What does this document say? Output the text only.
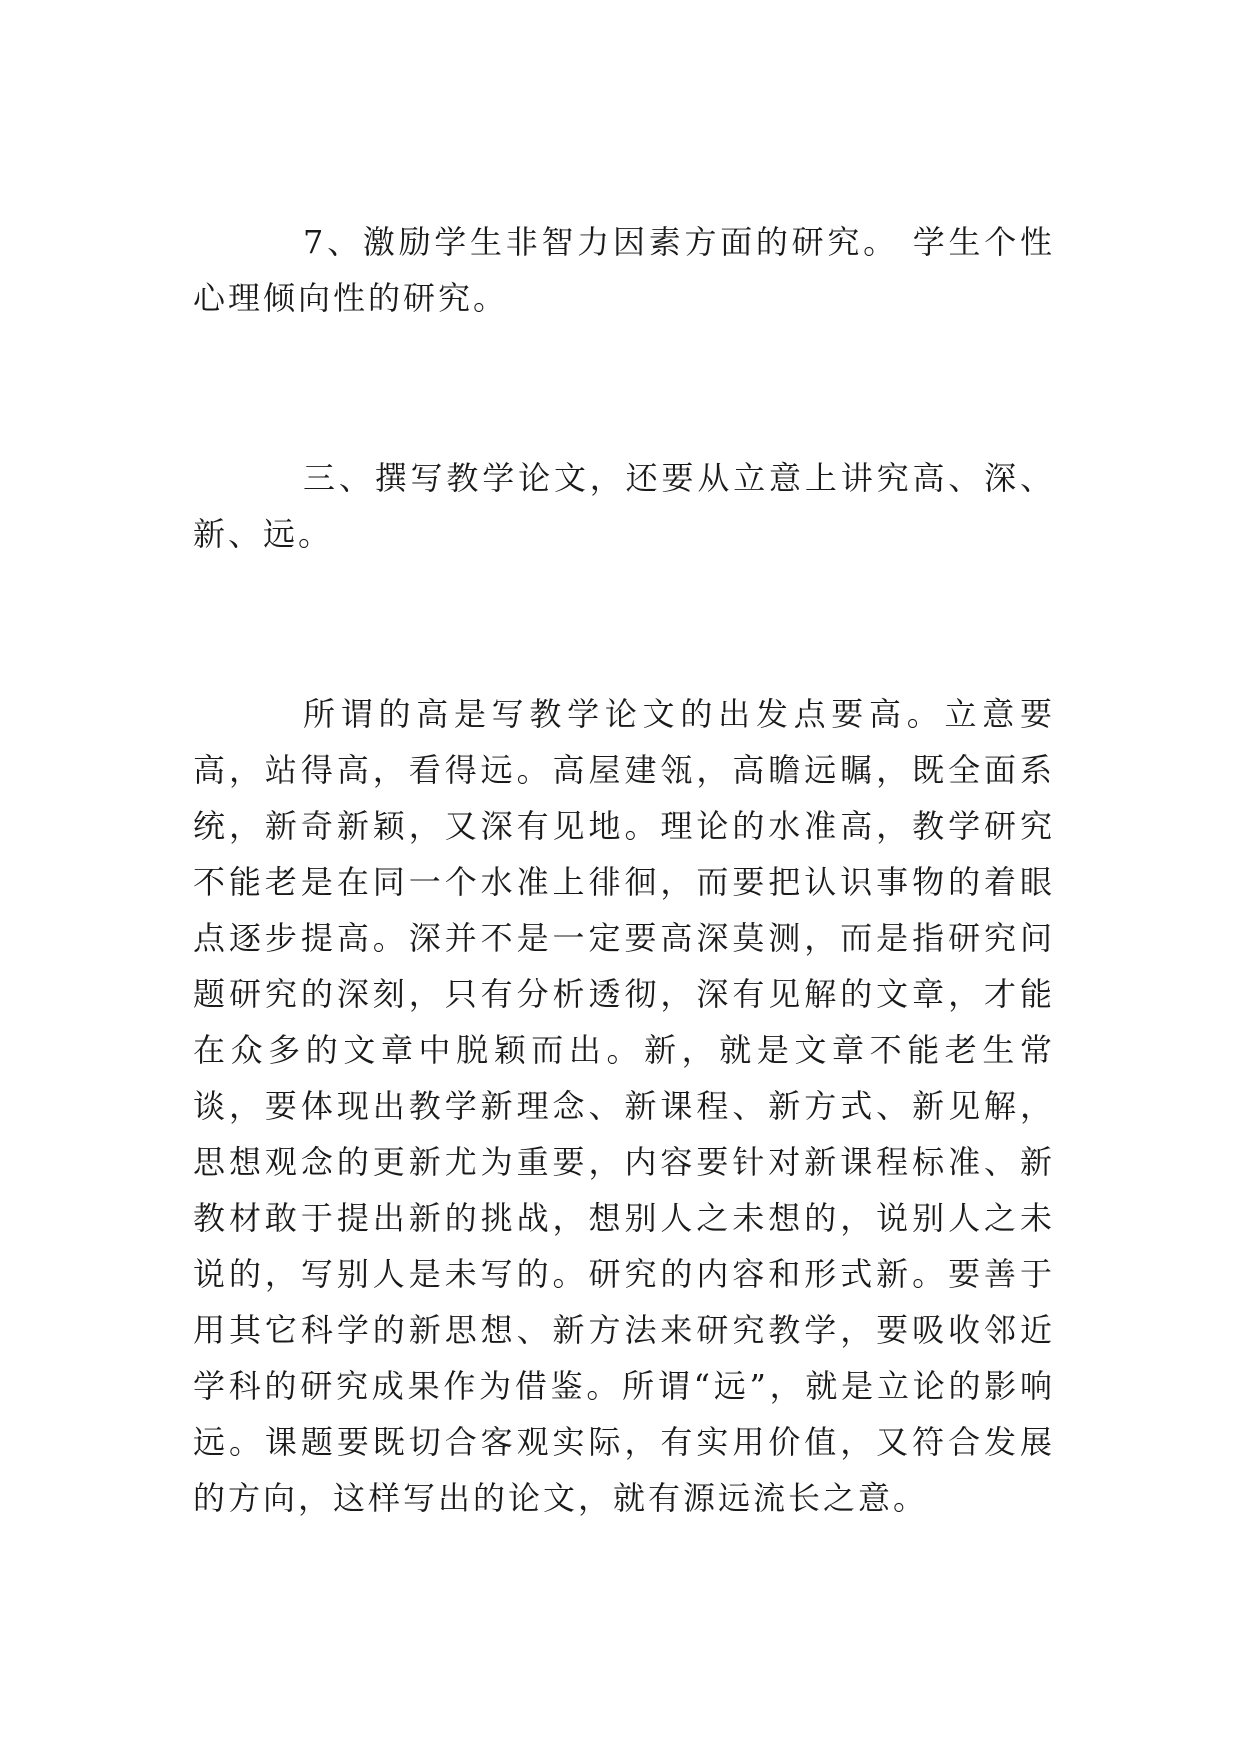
7、激励学生非智力因素方面的研究。 学生个性心理倾向性的研究。

三、撰写教学论文，还要从立意上讲究高、深、新、远。

所谓的高是写教学论文的出发点要高。立意要高，站得高，看得远。高屋建瓴，高瞻远瞩，既全面系统，新奇新颖，又深有见地。理论的水准高，教学研究不能老是在同一个水准上徘徊，而要把认识事物的着眼点逐步提高。深并不是一定要高深莫测，而是指研究问题研究的深刻，只有分析透彻，深有见解的文章，才能在众多的文章中脱颖而出。新，就是文章不能老生常谈，要体现出教学新理念、新课程、新方式、新见解，思想观念的更新尤为重要，内容要针对新课程标准、新教材敢于提出新的挑战，想别人之未想的，说别人之未说的，写别人是未写的。研究的内容和形式新。要善于用其它科学的新思想、新方法来研究教学，要吸收邻近学科的研究成果作为借鉴。所谓“远”，就是立论的影响远。课题要既切合客观实际，有实用价值，又符合发展的方向，这样写出的论文，就有源远流长之意。
